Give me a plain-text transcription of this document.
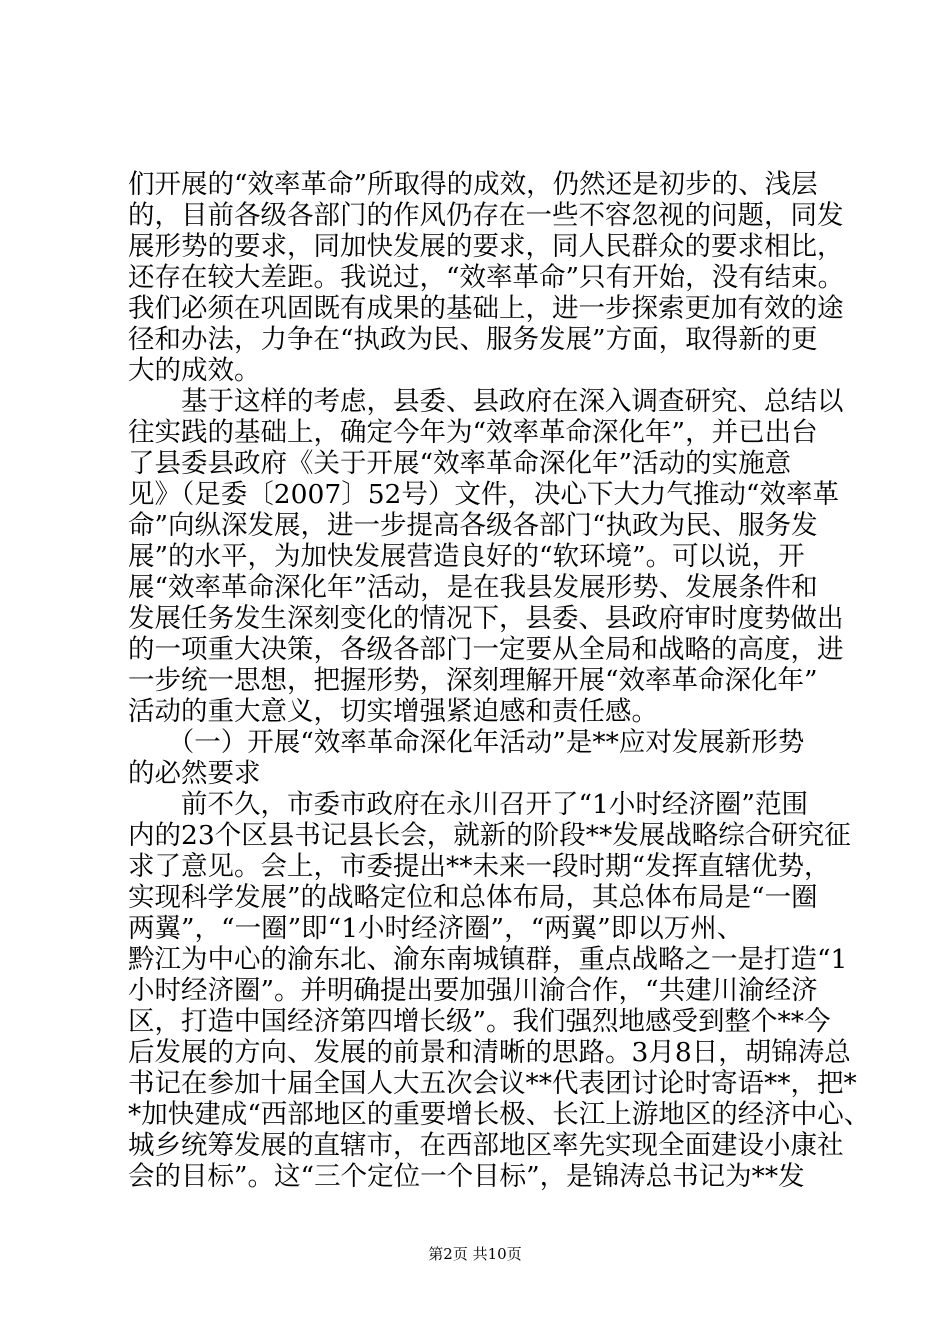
们开展的“效率革命”所取得的成效，仍然还是初步的、浅层
的，目前各级各部门的作风仍存在一些不容忽视的问题，同发
展形势的要求，同加快发展的要求，同人民群众的要求相比，
还存在较大差距。我说过，“效率革命”只有开始，没有结束。
我们必须在巩固既有成果的基础上，进一步探索更加有效的途
径和办法，力争在“执政为民、服务发展”方面，取得新的更
大的成效。
　　基于这样的考虑，县委、县政府在深入调查研究、总结以
往实践的基础上，确定今年为“效率革命深化年”，并已出台
了县委县政府《关于开展“效率革命深化年”活动的实施意
见》（足委〔2007〕52号）文件，决心下大力气推动“效率革
命”向纵深发展，进一步提高各级各部门“执政为民、服务发
展”的水平，为加快发展营造良好的“软环境”。可以说，开
展“效率革命深化年”活动，是在我县发展形势、发展条件和
发展任务发生深刻变化的情况下，县委、县政府审时度势做出
的一项重大决策，各级各部门一定要从全局和战略的高度，进
一步统一思想，把握形势，深刻理解开展“效率革命深化年”
活动的重大意义，切实增强紧迫感和责任感。
　　（一）开展“效率革命深化年活动”是**应对发展新形势
的必然要求
　　前不久，市委市政府在永川召开了“1小时经济圈”范围
内的23个区县书记县长会，就新的阶段**发展战略综合研究征
求了意见。会上，市委提出**未来一段时期“发挥直辖优势，
实现科学发展”的战略定位和总体布局，其总体布局是“一圈
两翼”，“一圈”即“1小时经济圈”，“两翼”即以万州、
黔江为中心的渝东北、渝东南城镇群，重点战略之一是打造“1
小时经济圈”。并明确提出要加强川渝合作，“共建川渝经济
区，打造中国经济第四增长级”。我们强烈地感受到整个**今
后发展的方向、发展的前景和清晰的思路。3月8日，胡锦涛总
书记在参加十届全国人大五次会议**代表团讨论时寄语**，把*
*加快建成“西部地区的重要增长极、长江上游地区的经济中心、
城乡统筹发展的直辖市，在西部地区率先实现全面建设小康社
会的目标”。这“三个定位一个目标”，是锦涛总书记为**发
第2页 共10页
